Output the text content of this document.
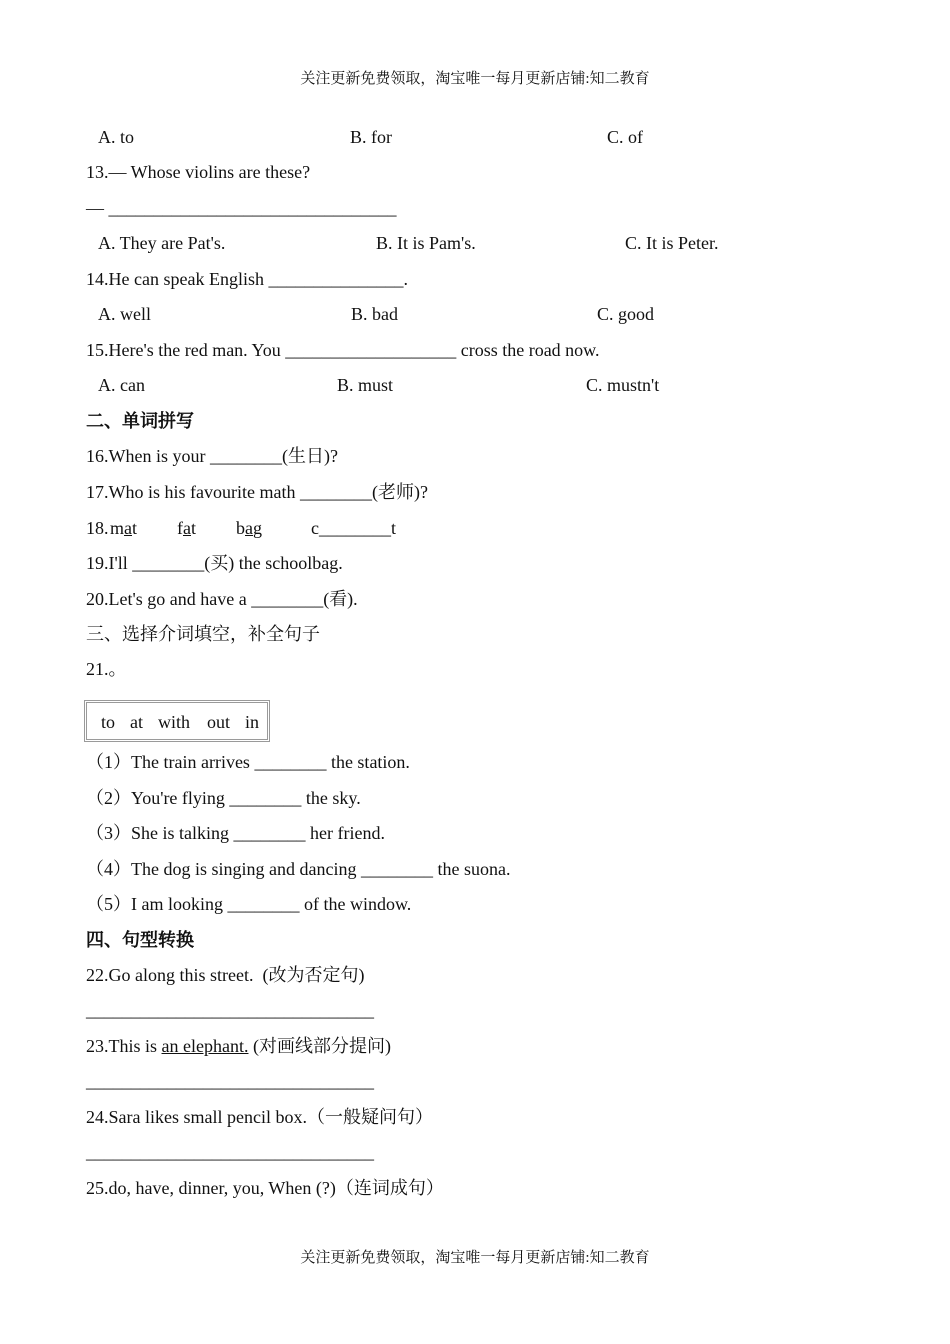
关注更新免费领取，淘宝唯一每月更新店铺:知二教育
A. to	B. for	C. of
13.— Whose violins are these?
— ________________________________
A. They are Pat's.	B. It is Pam's.	C. It is Peter.
14.He can speak English _______________.
A. well	B. bad	C. good
15.Here's the red man. You ___________________ cross the road now.
A. can	B. must	C. mustn't
二、单词拼写
16.When is your ________(生日)?
17.Who is his favourite math ________(老师)?
18. mat fat bag	c________t
19.I'll ________(买) the schoolbag.
20.Let's go and have a ________(看).
三、选择介词填空，补全句子
21.。
to at with out in
（1）The train arrives ________ the station.
（2）You're flying ________ the sky.
（3）She is talking ________ her friend.
（4）The dog is singing and dancing ________ the suona.
（5）I am looking ________ of the window.
四、句型转换
22.Go along this street.  (改为否定句)
________________________________
23.This is an elephant. (对画线部分提问)
________________________________
24.Sara likes small pencil box.（一般疑问句）
________________________________
25.do, have, dinner, you, When (?)（连词成句）
关注更新免费领取，淘宝唯一每月更新店铺:知二教育
